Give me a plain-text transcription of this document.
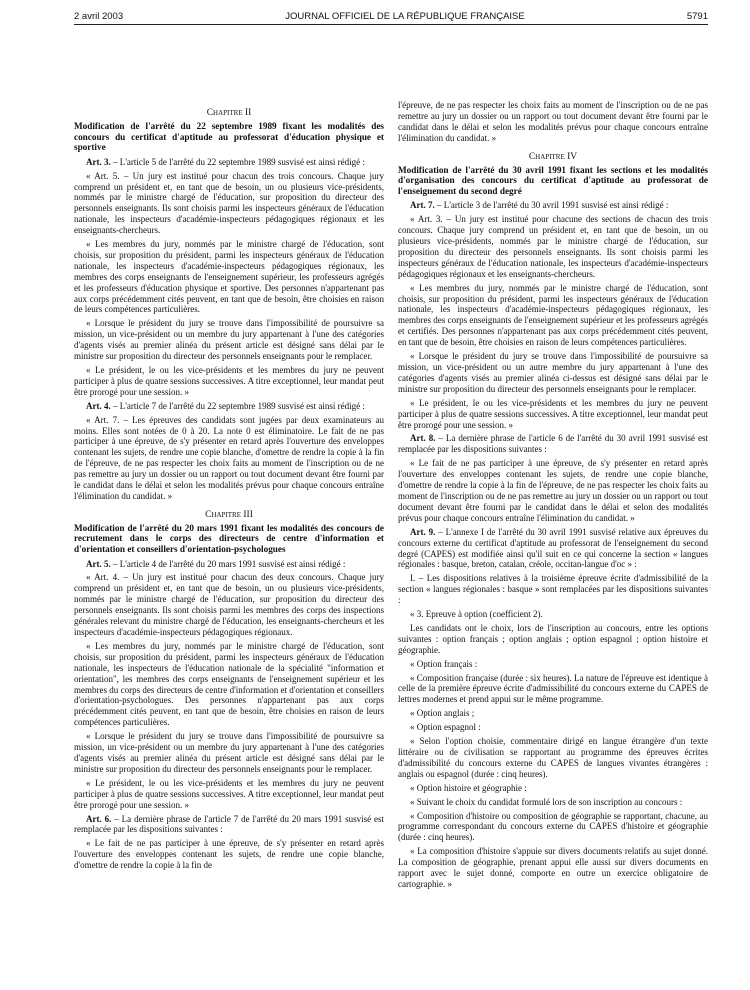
2 avril 2003	JOURNAL OFFICIEL DE LA RÉPUBLIQUE FRANÇAISE	5791
Chapitre II
Modification de l'arrêté du 22 septembre 1989 fixant les modalités des concours du certificat d'aptitude au professorat d'éducation physique et sportive
Art. 3. – L'article 5 de l'arrêté du 22 septembre 1989 susvisé est ainsi rédigé :
« Art. 5. – Un jury est institué pour chacun des trois concours. Chaque jury comprend un président et, en tant que de besoin, un ou plusieurs vice-présidents, nommés par le ministre chargé de l'éducation, sur proposition du directeur des personnels enseignants. Ils sont choisis parmi les inspecteurs généraux de l'éducation nationale, les inspecteurs d'académie-inspecteurs pédagogiques régionaux et les enseignants-chercheurs.
« Les membres du jury, nommés par le ministre chargé de l'éducation, sont choisis, sur proposition du président, parmi les inspecteurs généraux de l'éducation nationale, les inspecteurs d'académie-inspecteurs pédagogiques régionaux, les membres des corps enseignants de l'enseignement supérieur, les professeurs agrégés et les professeurs d'éducation physique et sportive. Des personnes n'appartenant pas aux corps précédemment cités peuvent, en tant que de besoin, être choisies en raison de leurs compétences particulières.
« Lorsque le président du jury se trouve dans l'impossibilité de poursuivre sa mission, un vice-président ou un membre du jury appartenant à l'une des catégories d'agents visés au premier alinéa du présent article est désigné sans délai par le ministre sur proposition du directeur des personnels enseignants pour le remplacer.
« Le président, le ou les vice-présidents et les membres du jury ne peuvent participer à plus de quatre sessions successives. A titre exceptionnel, leur mandat peut être prorogé pour une session. »
Art. 4. – L'article 7 de l'arrêté du 22 septembre 1989 susvisé est ainsi rédigé :
« Art. 7. – Les épreuves des candidats sont jugées par deux examinateurs au moins. Elles sont notées de 0 à 20. La note 0 est éliminatoire. Le fait de ne pas participer à une épreuve, de s'y présenter en retard après l'ouverture des enveloppes contenant les sujets, de rendre une copie blanche, d'omettre de rendre la copie à la fin de l'épreuve, de ne pas respecter les choix faits au moment de l'inscription ou de ne pas remettre au jury un dossier ou un rapport ou tout document devant être fourni par le candidat dans le délai et selon les modalités prévus pour chaque concours entraîne l'élimination du candidat. »
Chapitre III
Modification de l'arrêté du 20 mars 1991 fixant les modalités des concours de recrutement dans le corps des directeurs de centre d'information et d'orientation et conseillers d'orientation-psychologues
Art. 5. – L'article 4 de l'arrêté du 20 mars 1991 susvisé est ainsi rédigé :
« Art. 4. – Un jury est institué pour chacun des deux concours. Chaque jury comprend un président et, en tant que de besoin, un ou plusieurs vice-présidents, nommés par le ministre chargé de l'éducation, sur proposition du directeur des personnels enseignants. Ils sont choisis parmi les membres des corps des inspections générales relevant du ministre chargé de l'éducation, les enseignants-chercheurs et les inspecteurs d'académie-inspecteurs pédagogiques régionaux.
« Les membres du jury, nommés par le ministre chargé de l'éducation, sont choisis, sur proposition du président, parmi les inspecteurs généraux de l'éducation nationale, les inspecteurs de l'éducation nationale de la spécialité "information et orientation", les membres des corps enseignants de l'enseignement supérieur et les membres du corps des directeurs de centre d'information et d'orientation et conseillers d'orientation-psychologues. Des personnes n'appartenant pas aux corps précédemment cités peuvent, en tant que de besoin, être choisies en raison de leurs compétences particulières.
« Lorsque le président du jury se trouve dans l'impossibilité de poursuivre sa mission, un vice-président ou un membre du jury appartenant à l'une des catégories d'agents visés au premier alinéa du présent article est désigné sans délai par le ministre sur proposition du directeur des personnels enseignants pour le remplacer.
« Le président, le ou les vice-présidents et les membres du jury ne peuvent participer à plus de quatre sessions successives. A titre exceptionnel, leur mandat peut être prorogé pour une session. »
Art. 6. – La dernière phrase de l'article 7 de l'arrêté du 20 mars 1991 susvisé est remplacée par les dispositions suivantes :
« Le fait de ne pas participer à une épreuve, de s'y présenter en retard après l'ouverture des enveloppes contenant les sujets, de rendre une copie blanche, d'omettre de rendre la copie à la fin de
l'épreuve, de ne pas respecter les choix faits au moment de l'inscription ou de ne pas remettre au jury un dossier ou un rapport ou tout document devant être fourni par le candidat dans le délai et selon les modalités prévus pour chaque concours entraîne l'élimination du candidat. »
Chapitre IV
Modification de l'arrêté du 30 avril 1991 fixant les sections et les modalités d'organisation des concours du certificat d'aptitude au professorat de l'enseignement du second degré
Art. 7. – L'article 3 de l'arrêté du 30 avril 1991 susvisé est ainsi rédigé :
« Art. 3. – Un jury est institué pour chacune des sections de chacun des trois concours. Chaque jury comprend un président et, en tant que de besoin, un ou plusieurs vice-présidents, nommés par le ministre chargé de l'éducation, sur proposition du directeur des personnels enseignants. Ils sont choisis parmi les inspecteurs généraux de l'éducation nationale, les inspecteurs d'académie-inspecteurs pédagogiques régionaux et les enseignants-chercheurs.
« Les membres du jury, nommés par le ministre chargé de l'éducation, sont choisis, sur proposition du président, parmi les inspecteurs généraux de l'éducation nationale, les inspecteurs d'académie-inspecteurs pédagogiques régionaux, les membres des corps enseignants de l'enseignement supérieur et les professeurs agrégés et certifiés. Des personnes n'appartenant pas aux corps précédemment cités peuvent, en tant que de besoin, être choisies en raison de leurs compétences particulières.
« Lorsque le président du jury se trouve dans l'impossibilité de poursuivre sa mission, un vice-président ou un autre membre du jury appartenant à l'une des catégories d'agents visés au premier alinéa ci-dessus est désigné sans délai par le ministre sur proposition du directeur des personnels enseignants pour le remplacer.
« Le président, le ou les vice-présidents et les membres du jury ne peuvent participer à plus de quatre sessions successives. A titre exceptionnel, leur mandat peut être prorogé pour une session. »
Art. 8. – La dernière phrase de l'article 6 de l'arrêté du 30 avril 1991 susvisé est remplacée par les dispositions suivantes :
« Le fait de ne pas participer à une épreuve, de s'y présenter en retard après l'ouverture des enveloppes contenant les sujets, de rendre une copie blanche, d'omettre de rendre la copie à la fin de l'épreuve, de ne pas respecter les choix faits au moment de l'inscription ou de ne pas remettre au jury un dossier ou un rapport ou tout document devant être fourni par le candidat dans le délai et selon des modalités prévus pour chaque concours entraîne l'élimination du candidat. »
Art. 9. – L'annexe I de l'arrêté du 30 avril 1991 susvisé relative aux épreuves du concours externe du certificat d'aptitude au professorat de l'enseignement du second degré (CAPES) est modifiée ainsi qu'il suit en ce qui concerne la section « langues régionales : basque, breton, catalan, créole, occitan-langue d'oc » :
I. – Les dispositions relatives à la troisième épreuve écrite d'admissibilité de la section « langues régionales : basque » sont remplacées par les dispositions suivantes :
« 3. Epreuve à option (coefficient 2).
Les candidats ont le choix, lors de l'inscription au concours, entre les options suivantes : option français ; option anglais ; option espagnol ; option histoire et géographie.
« Option français :
« Composition française (durée : six heures). La nature de l'épreuve est identique à celle de la première épreuve écrite d'admissibilité du concours externe du CAPES de lettres modernes et prend appui sur le même programme.
« Option anglais ;
« Option espagnol :
« Selon l'option choisie, commentaire dirigé en langue étrangère d'un texte littéraire ou de civilisation se rapportant au programme des épreuves écrites d'admissibilité du concours externe du CAPES de langues vivantes étrangères : anglais ou espagnol (durée : cinq heures).
« Option histoire et géographie :
« Suivant le choix du candidat formulé lors de son inscription au concours :
« Composition d'histoire ou composition de géographie se rapportant, chacune, au programme correspondant du concours externe du CAPES d'histoire et géographie (durée : cinq heures).
« La composition d'histoire s'appuie sur divers documents relatifs au sujet donné. La composition de géographie, prenant appui elle aussi sur divers documents en rapport avec le sujet donné, comporte en outre un exercice obligatoire de cartographie. »
